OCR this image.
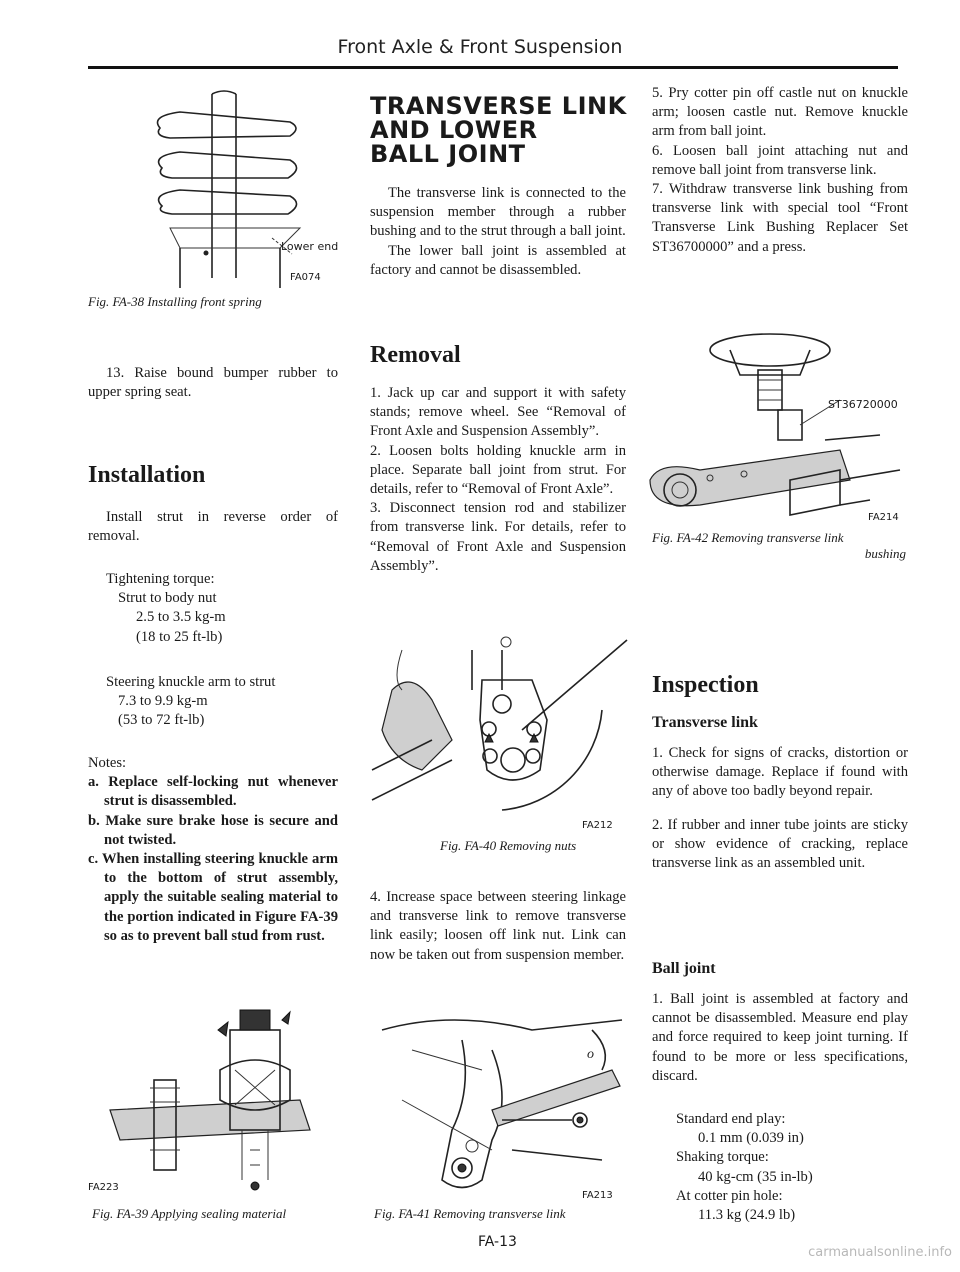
Front Axle & Front Suspension
Lower end
FA074
Fig. FA-38 Installing front spring

13. Raise bound bumper rubber to upper spring seat.

Installation

Install strut in reverse order of removal.

Tightening torque:

Strut to body nut

2.5 to 3.5 kg-m

(18 to 25 ft-lb)

Steering knuckle arm to strut

7.3 to 9.9 kg-m

(53 to 72 ft-lb)

Notes:

a. Replace self-locking nut whenever strut is disassembled.

b. Make sure brake hose is secure and not twisted.

c. When installing steering knuckle arm to the bottom of strut assembly, apply the suitable sealing material to the portion indicated in Figure FA-39 so as to prevent ball stud from rust.

FA223
Fig. FA-39 Applying sealing material
TRANSVERSE LINK
AND LOWER
BALL JOINT

The transverse link is connected to the suspension member through a rubber bushing and to the strut through a ball joint.

The lower ball joint is assembled at factory and cannot be disassembled.

Removal

1. Jack up car and support it with safety stands; remove wheel. See “Removal of Front Axle and Suspension Assembly”.

2. Loosen bolts holding knuckle arm in place. Separate ball joint from strut. For details, refer to “Removal of Front Axle”.

3. Disconnect tension rod and stabilizer from transverse link. For details, refer to “Removal of Front Axle and Suspension Assembly”.

FA212
Fig. FA-40 Removing nuts

4. Increase space between steering linkage and transverse link to remove transverse link easily; loosen off link nut. Link can now be taken out from suspension member.

o
FA213
Fig. FA-41 Removing transverse link
FA-13

5. Pry cotter pin off castle nut on knuckle arm; loosen castle nut. Remove knuckle arm from ball joint.

6. Loosen ball joint attaching nut and remove ball joint from transverse link.

7. Withdraw transverse link bushing from transverse link with special tool “Front Transverse Link Bushing Replacer Set ST36700000” and a press.

ST36720000
FA214
Fig. FA-42 Removing transverse link
bushing
Inspection
Transverse link

1. Check for signs of cracks, distortion or otherwise damage. Replace if found with any of above too badly beyond repair.

2. If rubber and inner tube joints are sticky or show evidence of cracking, replace transverse link as an assembled unit.

Ball joint

1. Ball joint is assembled at factory and cannot be disassembled. Measure end play and force required to keep joint turning. If found to be more or less specifications, discard.

Standard end play:

0.1 mm (0.039 in)

Shaking torque:

40 kg-cm (35 in-lb)

At cotter pin hole:

11.3 kg (24.9 lb)

carmanualsonline.info
